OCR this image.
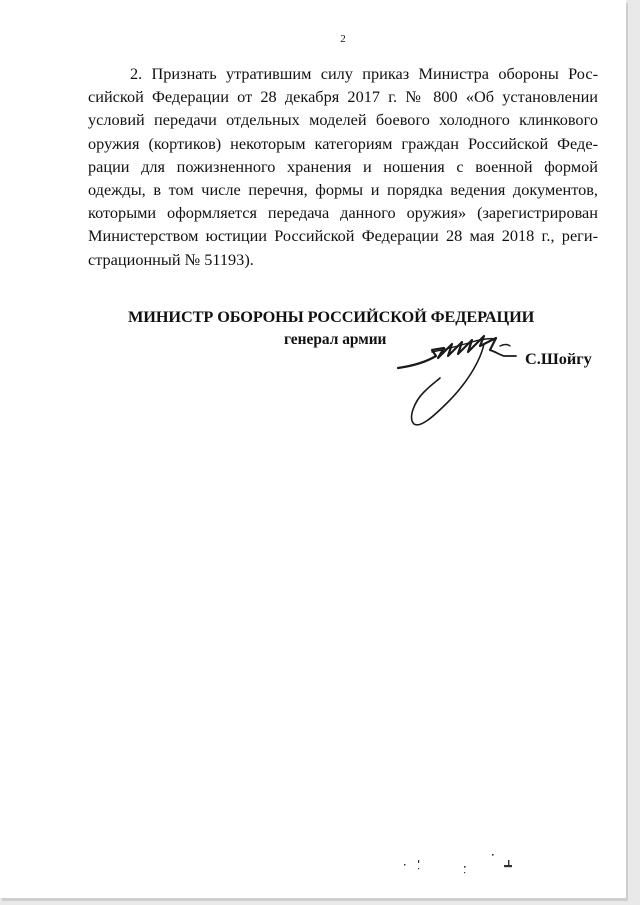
2

2. Признать утратившим силу приказ Министра обороны Российской Федерации от 28 декабря 2017 г. № 800 «Об установлении условий передачи отдельных моделей боевого холодного клинкового оружия (кортиков) некоторым категориям граждан Российской Федерации для пожизненного хранения и ношения с военной формой одежды, в том числе перечня, формы и порядка ведения документов, которыми оформляется передача данного оружия» (зарегистрирован Министерством юстиции Российской Федерации 28 мая 2018 г., регистрационный № 51193).

МИНИСТР ОБОРОНЫ РОССИЙСКОЙ ФЕДЕРАЦИИ
генерал армии
С.Шойгу
